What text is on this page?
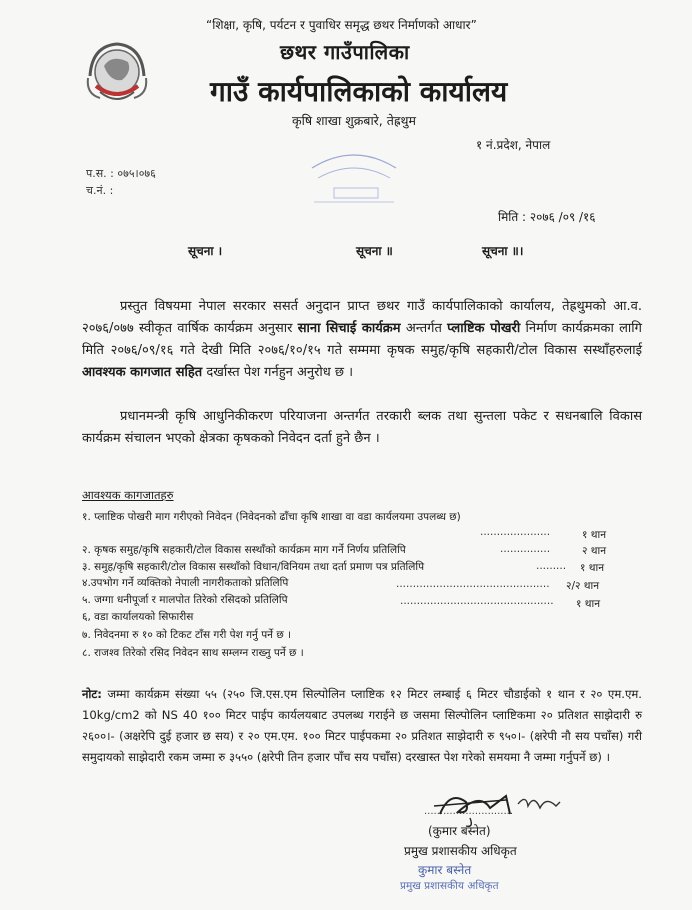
“शिक्षा, कृषि, पर्यटन र पुवाधिर समृद्ध छथर निर्माणको आधार”
छथर गाउँपालिका
गाउँ कार्यपालिकाको कार्यालय
कृषि शाखा शुक्रबारे, तेह्रथुम
१ नं.प्रदेश, नेपाल
प.स. : ०७५।०७६
च.नं. :
मिति : २०७६ /०९ /१६
सूचना ।	सूचना ॥	सूचना ॥।
प्रस्तुत विषयमा नेपाल सरकार ससर्त अनुदान प्राप्त छथर गाउँ कार्यपालिकाको कार्यालय, तेह्रथुमको आ.व. २०७६/०७७ स्वीकृत वार्षिक कार्यक्रम अनुसार साना सिचाई कार्यक्रम अन्तर्गत प्लाष्टिक पोखरी निर्माण कार्यक्रमका लागि मिति २०७६/०९/१६ गते देखी मिति २०७६/१०/१५ गते सम्ममा कृषक समुह/कृषि सहकारी/टोल विकास सस्थाँहरुलाई आवश्यक कागजात सहित दर्खास्त पेश गर्नहुन अनुरोध छ ।
प्रधानमन्त्री कृषि आधुनिकीकरण परियाजना अन्तर्गत तरकारी ब्लक तथा सुन्तला पकेट र सधनबालि विकास कार्यक्रम संचालन भएको क्षेत्रका कृषकको निवेदन दर्ता हुने छैन ।
आवश्यक कागजातहरु
१. प्लाष्टिक पोखरी माग गरीएको निवेदन (निवेदनको ढाँचा कृषि शाखा वा वडा कार्यलयमा उपलब्ध छ)
.....................	१ थान
२. कृषक समुह/कृषि सहकारी/टोल विकास सस्थाँको कार्यक्रम माग गर्ने निर्णय प्रतिलिपि	...............	२ थान
३. समुह/कृषि सहकारी/टोल विकास सस्थाँको विधान/विनियम तथा दर्ता प्रमाण पत्र प्रतिलिपि	......... १ थान
४.उपभोग गर्ने व्यक्तिको नेपाली नागरीकताको प्रतिलिपि	.............................................. २/२ थान
५. जग्गा धनीपूर्जा र मालपोत तिरेको रसिदको प्रतिलिपि	.............................................. १ थान
६, वडा कार्यालयको सिफारीस
७. निवेदनमा रु १० को टिकट टाँस गरी पेश गर्नु पर्ने छ ।
८. राजश्व तिरेको रसिद निवेदन साथ सम्लग्न राख्नु पर्ने छ ।
नोट: जम्मा कार्यक्रम संख्या ५५ (२५० जि.एस.एम सिल्पोलिन प्लाष्टिक १२ मिटर लम्बाई ६ मिटर चौडाईको १ थान र २० एम.एम. 10kg/cm2 को NS 40 १०० मिटर पाईप कार्यलयबाट उपलब्ध गराईने छ जसमा सिल्पोलिन प्लाष्टिकमा २० प्रतिशत साझेदारी रु २६००।- (अक्षरेपि दुई हजार छ सय) र २० एम.एम. १०० मिटर पाईपकमा २० प्रतिशत साझेदारी रु ९५०।- (क्षरेपी नौ सय पचाँस) गरी समुदायको साझेदारी रकम जम्मा रु ३५५० (क्षरेपी तिन हजार पाँच सय पचाँस) दरखास्त पेश गरेको समयमा नै जम्मा गर्नुपर्ने छ) ।
............................
(कुमार बस्नेत)
प्रमुख प्रशासकीय अधिकृत
कुमार बस्नेत
प्रमुख प्रशासकीय अधिकृत
